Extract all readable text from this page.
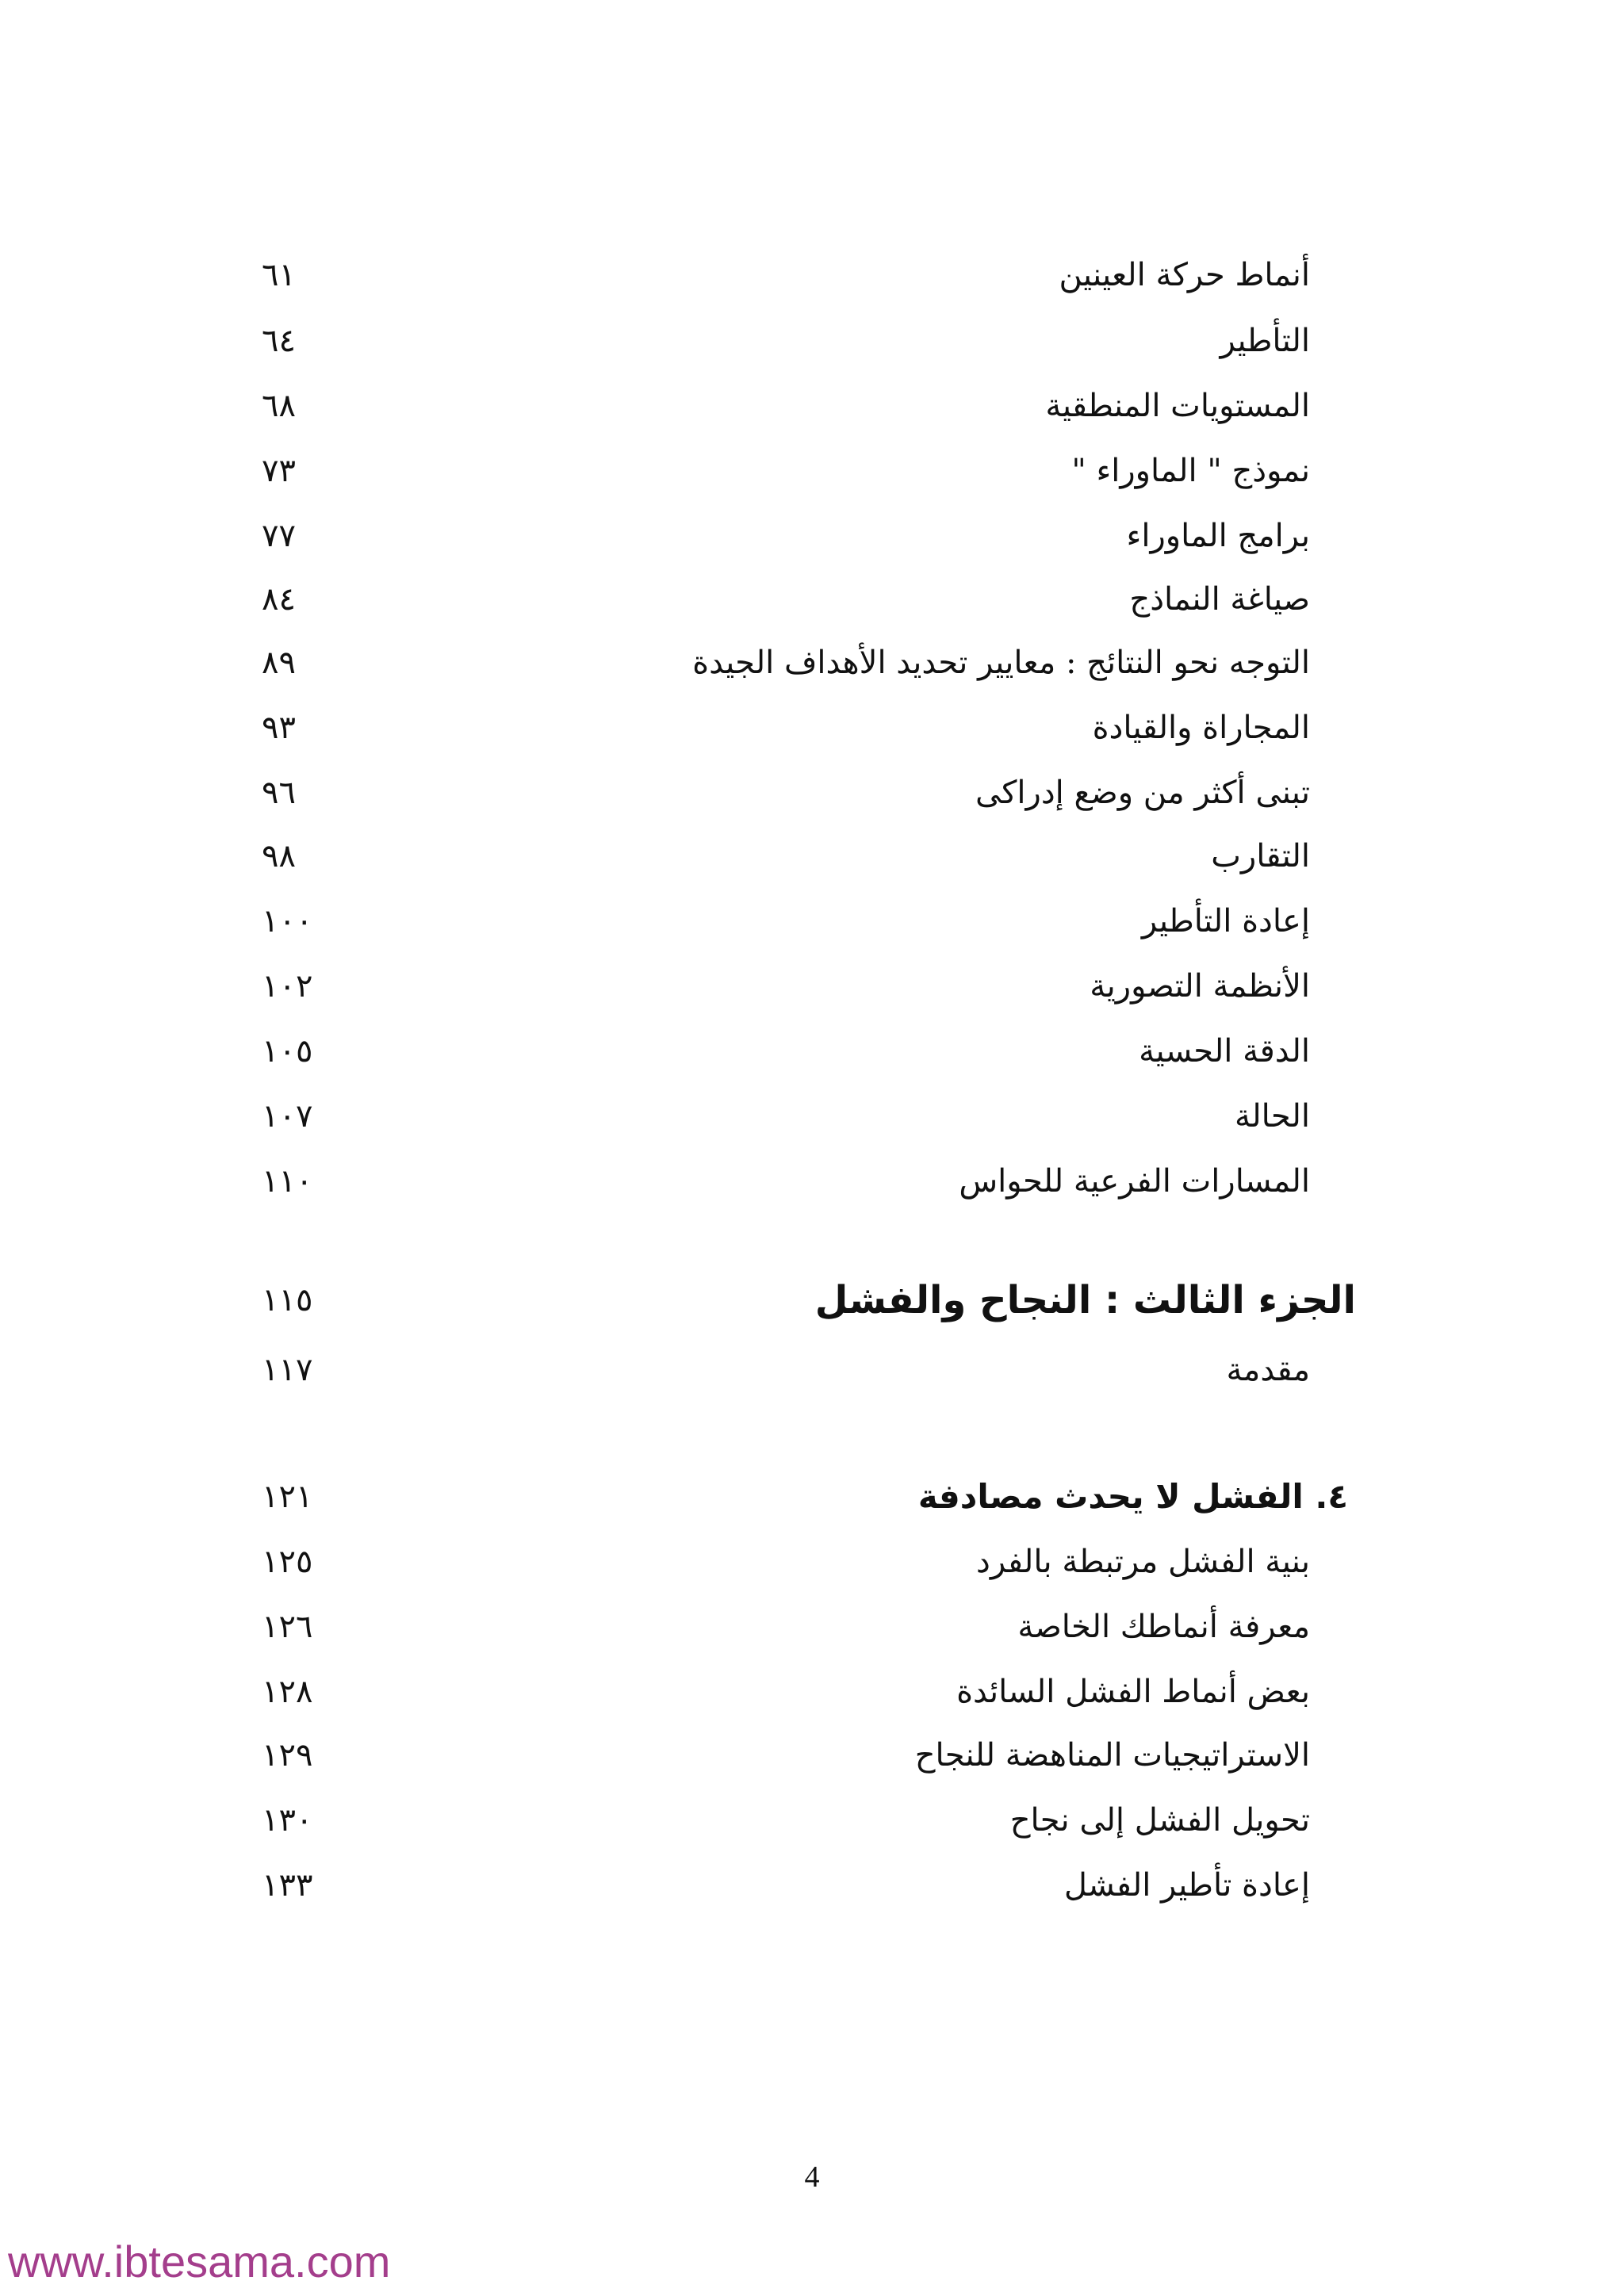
أنماط حركة العينين
٦١
التأطير
٦٤
المستويات المنطقية
٦٨
نموذج " الماوراء "
٧٣
برامج الماوراء
٧٧
صياغة النماذج
٨٤
التوجه نحو النتائج : معايير تحديد الأهداف الجيدة
٨٩
المجاراة والقيادة
٩٣
تبنى أكثر من وضع إدراكى
٩٦
التقارب
٩٨
إعادة التأطير
١٠٠
الأنظمة التصورية
١٠٢
الدقة الحسية
١٠٥
الحالة
١٠٧
المسارات الفرعية للحواس
١١٠
الجزء الثالث : النجاح والفشل
١١٥
مقدمة
١١٧
٤. الفشل لا يحدث مصادفة
١٢١
بنية الفشل مرتبطة بالفرد
١٢٥
معرفة أنماطك الخاصة
١٢٦
بعض أنماط الفشل السائدة
١٢٨
الاستراتيجيات المناهضة للنجاح
١٢٩
تحويل الفشل إلى نجاح
١٣٠
إعادة تأطير الفشل
١٣٣
4
www.ibtesama.com
